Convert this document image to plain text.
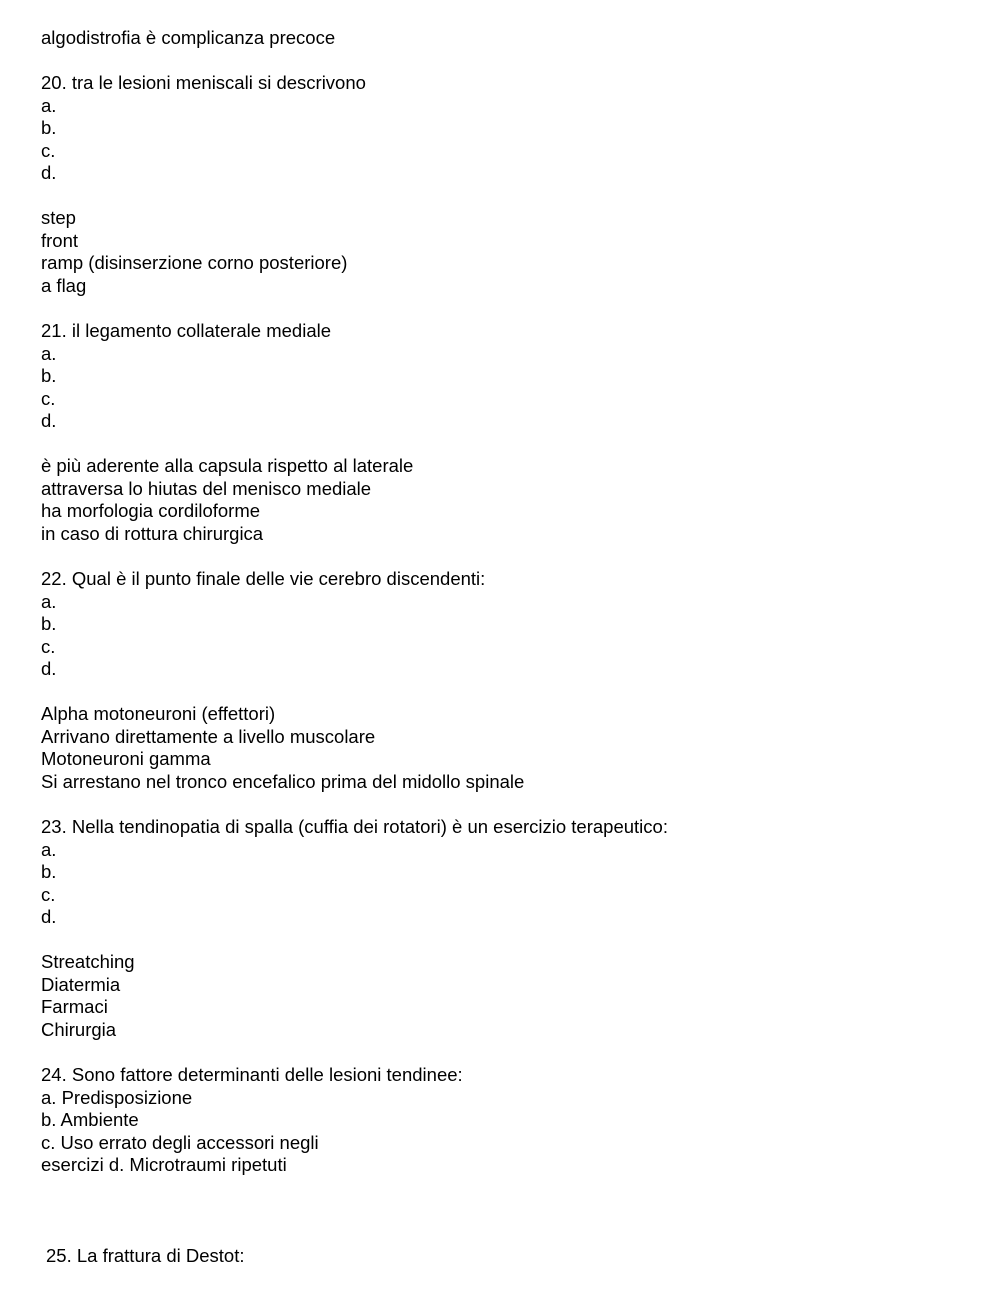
algodistrofia è complicanza precoce
20. tra le lesioni meniscali si descrivono
a.
b.
c.
d.
step
front
ramp (disinserzione corno posteriore)
a flag
21. il legamento collaterale mediale
a.
b.
c.
d.
è più aderente alla capsula rispetto al laterale
attraversa lo hiutas del menisco mediale
ha morfologia cordiloforme
in caso di rottura chirurgica
22. Qual è il punto finale delle vie cerebro discendenti:
a.
b.
c.
d.
Alpha motoneuroni (effettori)
Arrivano direttamente a livello muscolare
Motoneuroni gamma
Si arrestano nel tronco encefalico prima del midollo spinale
23. Nella tendinopatia di spalla (cuffia dei rotatori) è un esercizio terapeutico:
a.
b.
c.
d.
Streatching
Diatermia
Farmaci
Chirurgia
24. Sono fattore determinanti delle lesioni tendinee:
a. Predisposizione
b. Ambiente
c. Uso errato degli accessori negli
esercizi d. Microtraumi ripetuti
25. La frattura di Destot:
